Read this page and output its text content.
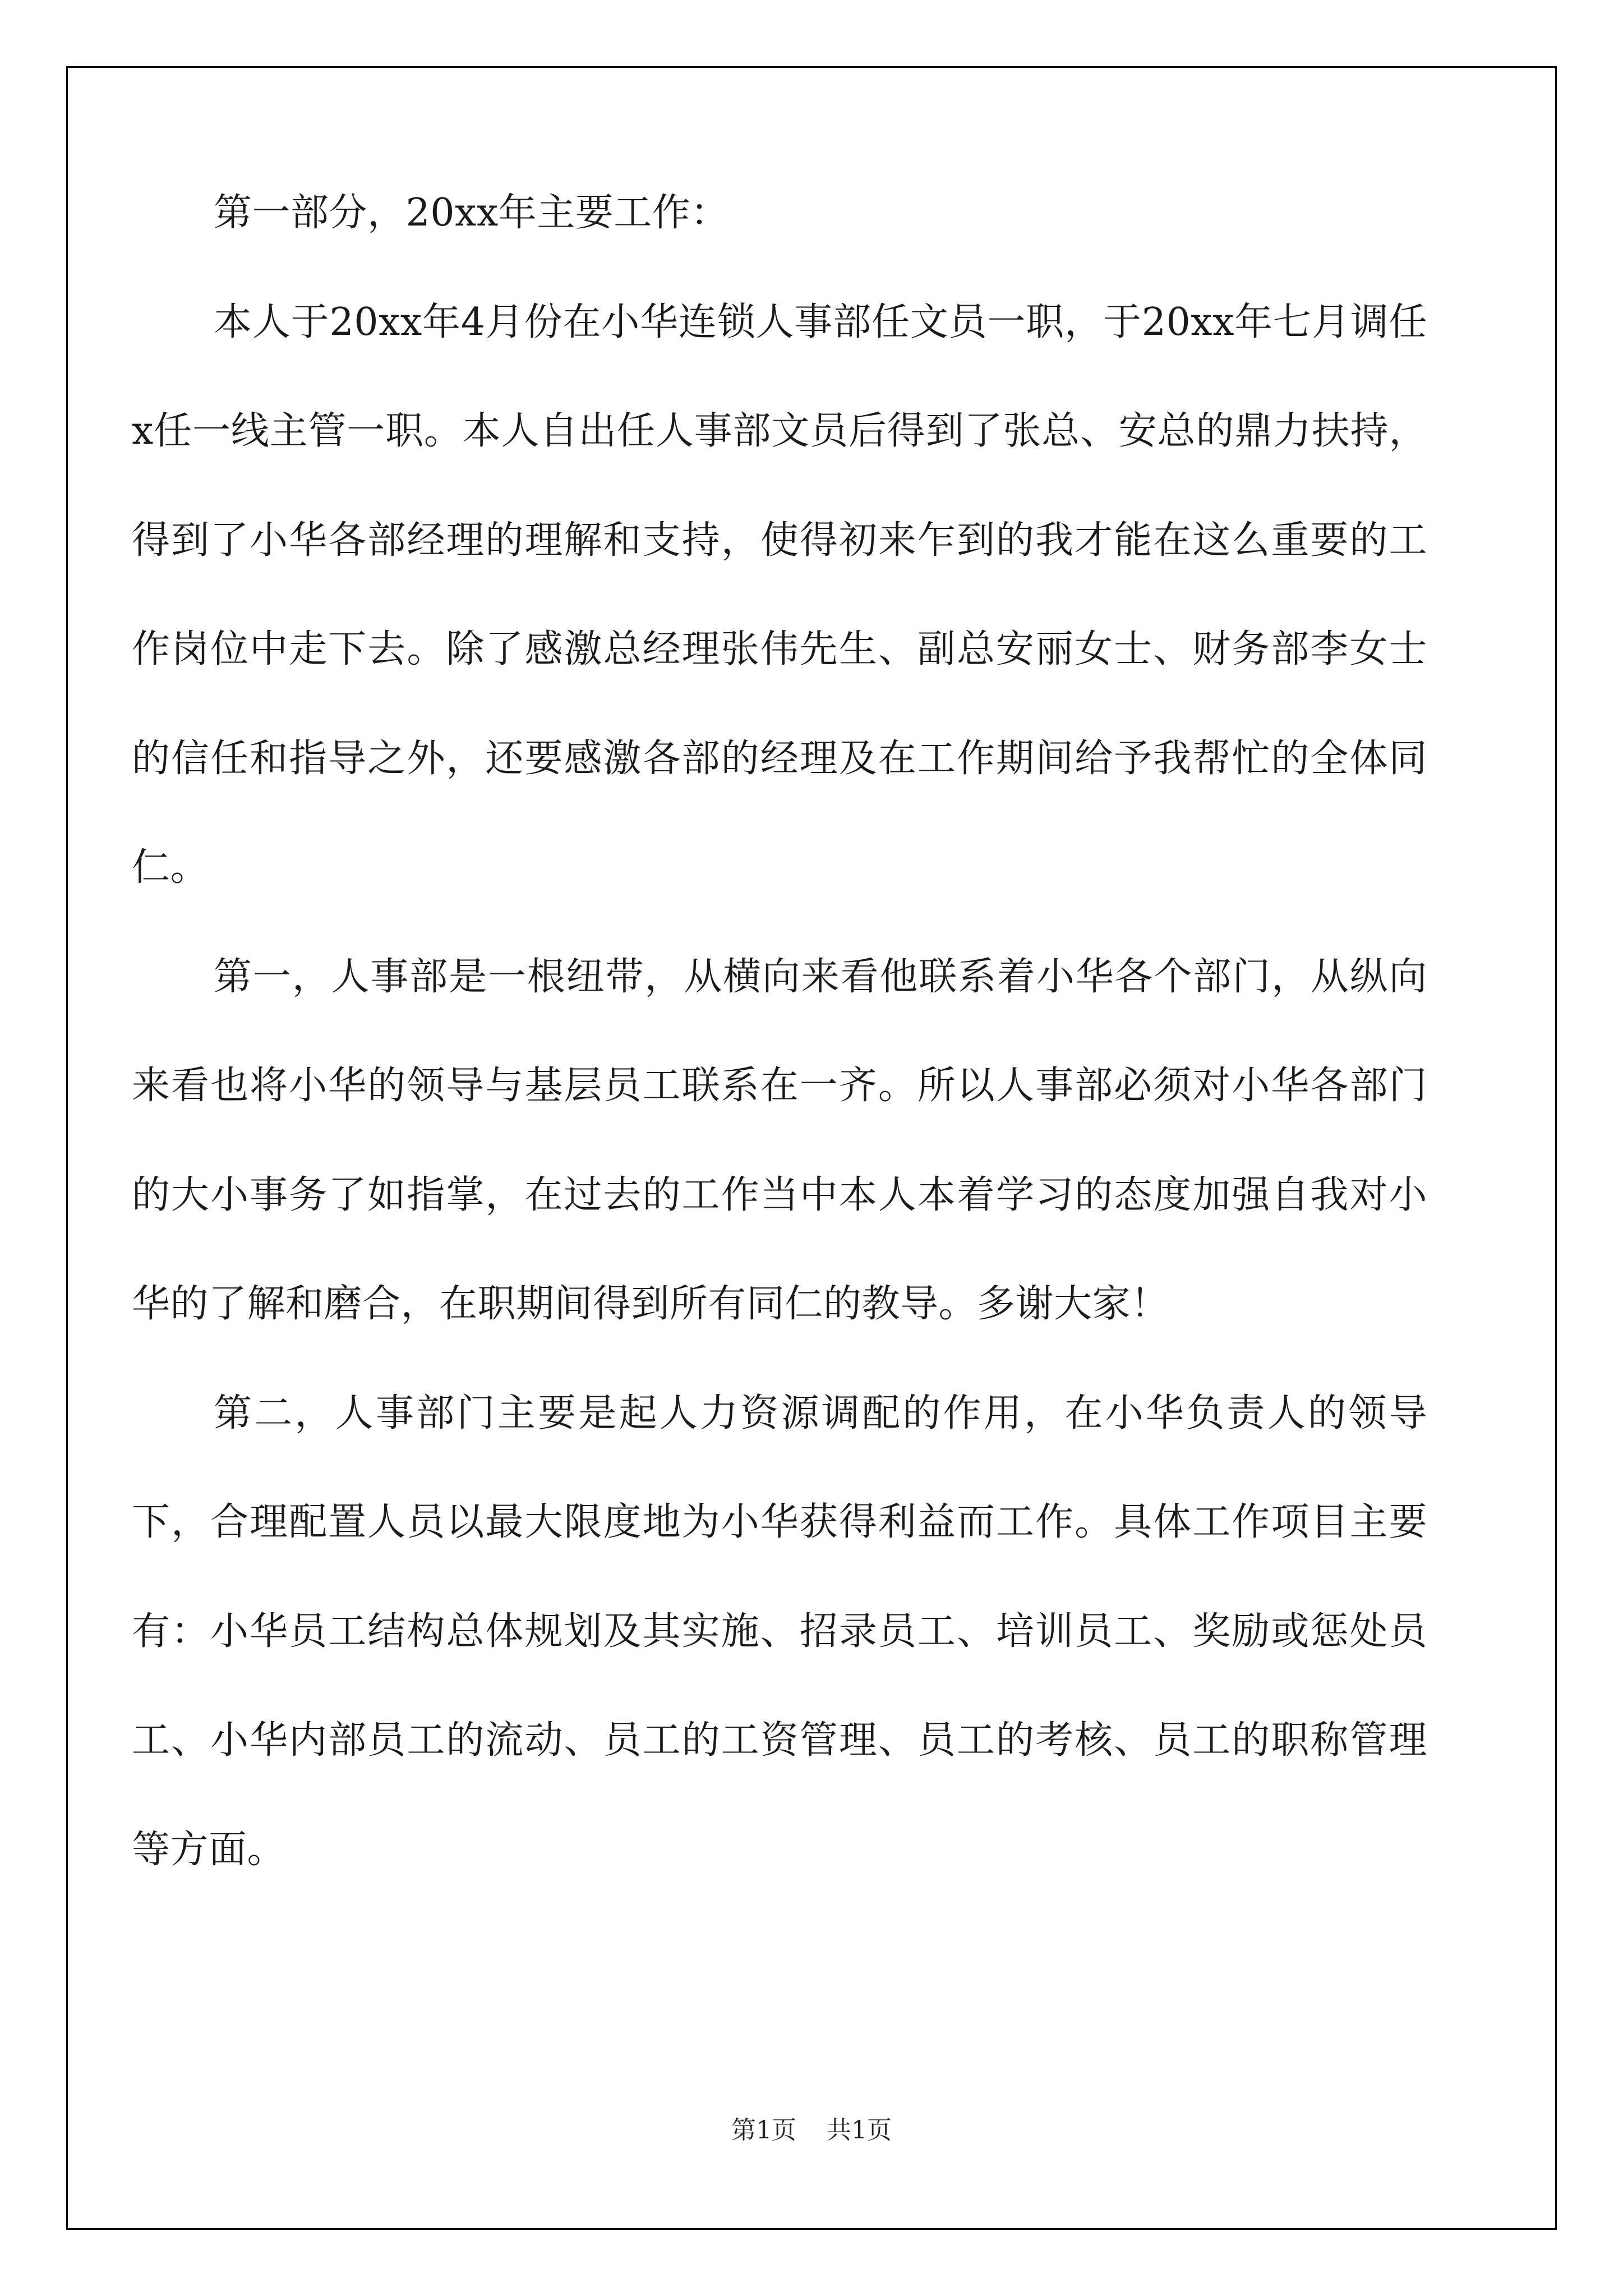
第一部分，20xx年主要工作：

本人于20xx年4月份在小华连锁人事部任文员一职，于20xx年七月调任x任一线主管一职。本人自出任人事部文员后得到了张总、安总的鼎力扶持，得到了小华各部经理的理解和支持，使得初来乍到的我才能在这么重要的工作岗位中走下去。除了感激总经理张伟先生、副总安丽女士、财务部李女士的信任和指导之外，还要感激各部的经理及在工作期间给予我帮忙的全体同仁。

第一，人事部是一根纽带，从横向来看他联系着小华各个部门，从纵向来看也将小华的领导与基层员工联系在一齐。所以人事部必须对小华各部门的大小事务了如指掌，在过去的工作当中本人本着学习的态度加强自我对小华的了解和磨合，在职期间得到所有同仁的教导。多谢大家！

第二，人事部门主要是起人力资源调配的作用，在小华负责人的领导下，合理配置人员以最大限度地为小华获得利益而工作。具体工作项目主要有：小华员工结构总体规划及其实施、招录员工、培训员工、奖励或惩处员工、小华内部员工的流动、员工的工资管理、员工的考核、员工的职称管理等方面。

第1页 共1页
